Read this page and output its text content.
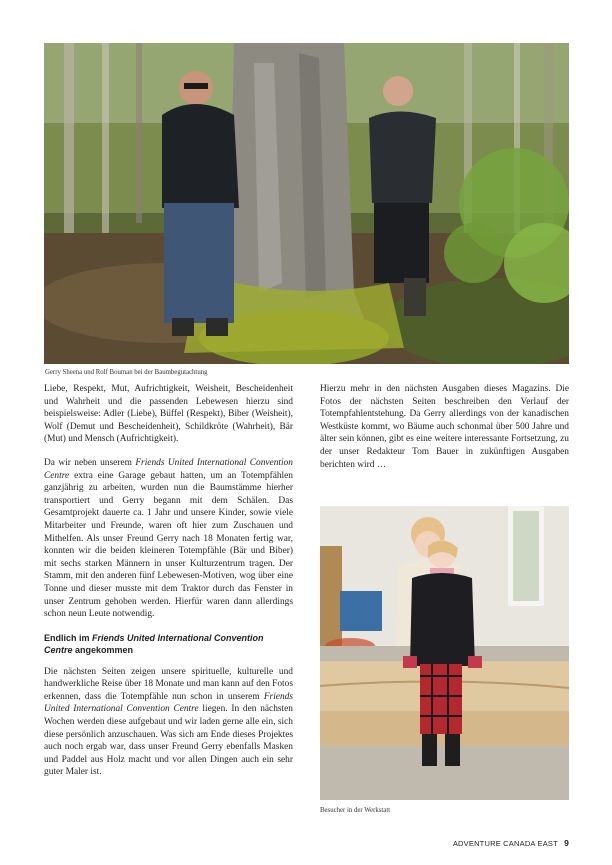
Gerry Sheena und Rolf Bouman bei der Baumbegutachtung

Liebe, Respekt, Mut, Aufrichtigkeit, Weisheit, Bescheidenheit und Wahrheit und die passenden Lebewesen hierzu sind beispielsweise: Adler (Liebe), Büffel (Respekt), Biber (Weisheit), Wolf (Demut und Bescheidenheit), Schildkröte (Wahrheit), Bär (Mut) und Mensch (Aufrichtigkeit).

Da wir neben unserem Friends United International Convention Centre extra eine Garage gebaut hatten, um an Totempfählen ganzjährig zu arbeiten, wurden nun die Baumstämme hierher transportiert und Gerry begann mit dem Schälen. Das Gesamtprojekt dauerte ca. 1 Jahr und unsere Kinder, sowie viele Mitarbeiter und Freunde, waren oft hier zum Zuschauen und Mithelfen. Als unser Freund Gerry nach 18 Monaten fertig war, konnten wir die beiden kleineren Totempfähle (Bär und Biber) mit sechs starken Männern in unser Kulturzentrum tragen. Der Stamm, mit den anderen fünf Lebewesen-Motiven, wog über eine Tonne und dieser musste mit dem Traktor durch das Fenster in unser Zentrum gehoben werden. Hierfür waren dann allerdings schon neun Leute notwendig.

Endlich im Friends United International Convention Centre angekommen

Die nächsten Seiten zeigen unsere spirituelle, kulturelle und handwerkliche Reise über 18 Monate und man kann auf den Fotos erkennen, dass die Totempfähle nun schon in unserem Friends United International Convention Centre liegen. In den nächsten Wochen werden diese aufgebaut und wir laden gerne alle ein, sich diese persönlich anzuschauen. Was sich am Ende dieses Projektes auch noch ergab war, dass unser Freund Gerry ebenfalls Masken und Paddel aus Holz macht und vor allen Dingen auch ein sehr guter Maler ist.

Hierzu mehr in den nächsten Ausgaben dieses Magazins. Die Fotos der nächsten Seiten beschreiben den Verlauf der Totempfahlentstehung. Da Gerry allerdings von der kanadischen Westküste kommt, wo Bäume auch schonmal über 500 Jahre und älter sein können, gibt es eine weitere interessante Fortsetzung, zu der unser Redakteur Tom Bauer in zukünftigen Ausgaben berichten wird …

Besucher in der Werkstatt
ADVENTURE CANADA EAST 9
